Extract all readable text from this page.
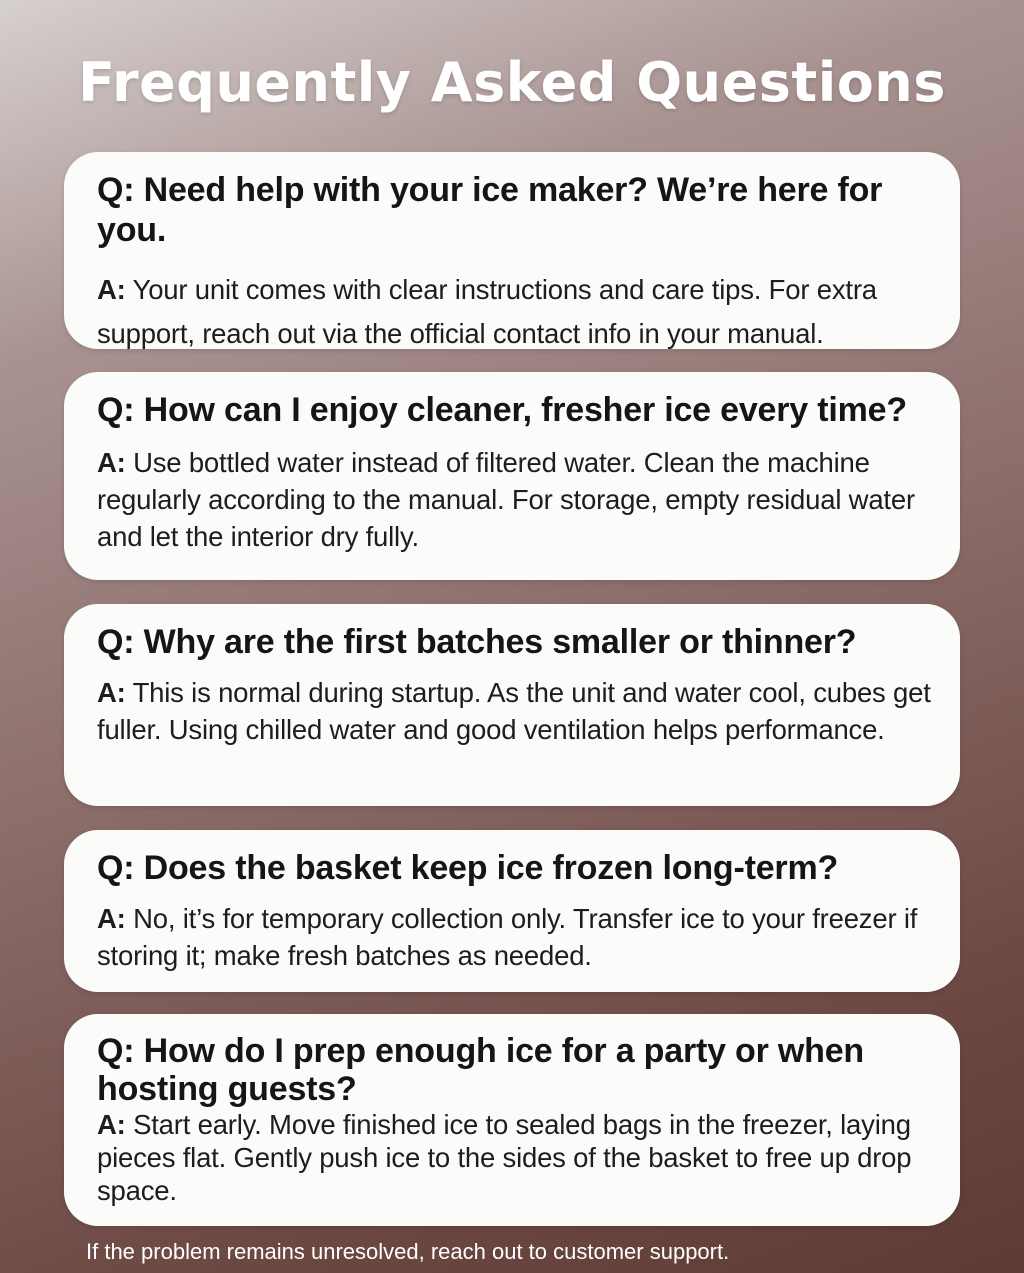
Frequently Asked Questions
Q: Need help with your ice maker? We’re here for you.
A: Your unit comes with clear instructions and care tips. For extra support, reach out via the official contact info in your manual.
Q: How can I enjoy cleaner, fresher ice every time?
A: Use bottled water instead of filtered water. Clean the machine regularly according to the manual. For storage, empty residual water and let the interior dry fully.
Q: Why are the first batches smaller or thinner?
A: This is normal during startup. As the unit and water cool, cubes get fuller. Using chilled water and good ventilation helps performance.
Q: Does the basket keep ice frozen long-term?
A: No, it’s for temporary collection only. Transfer ice to your freezer if storing it; make fresh batches as needed.
Q: How do I prep enough ice for a party or when hosting guests?
A: Start early. Move finished ice to sealed bags in the freezer, laying pieces flat. Gently push ice to the sides of the basket to free up drop space.
If the problem remains unresolved, reach out to customer support.
